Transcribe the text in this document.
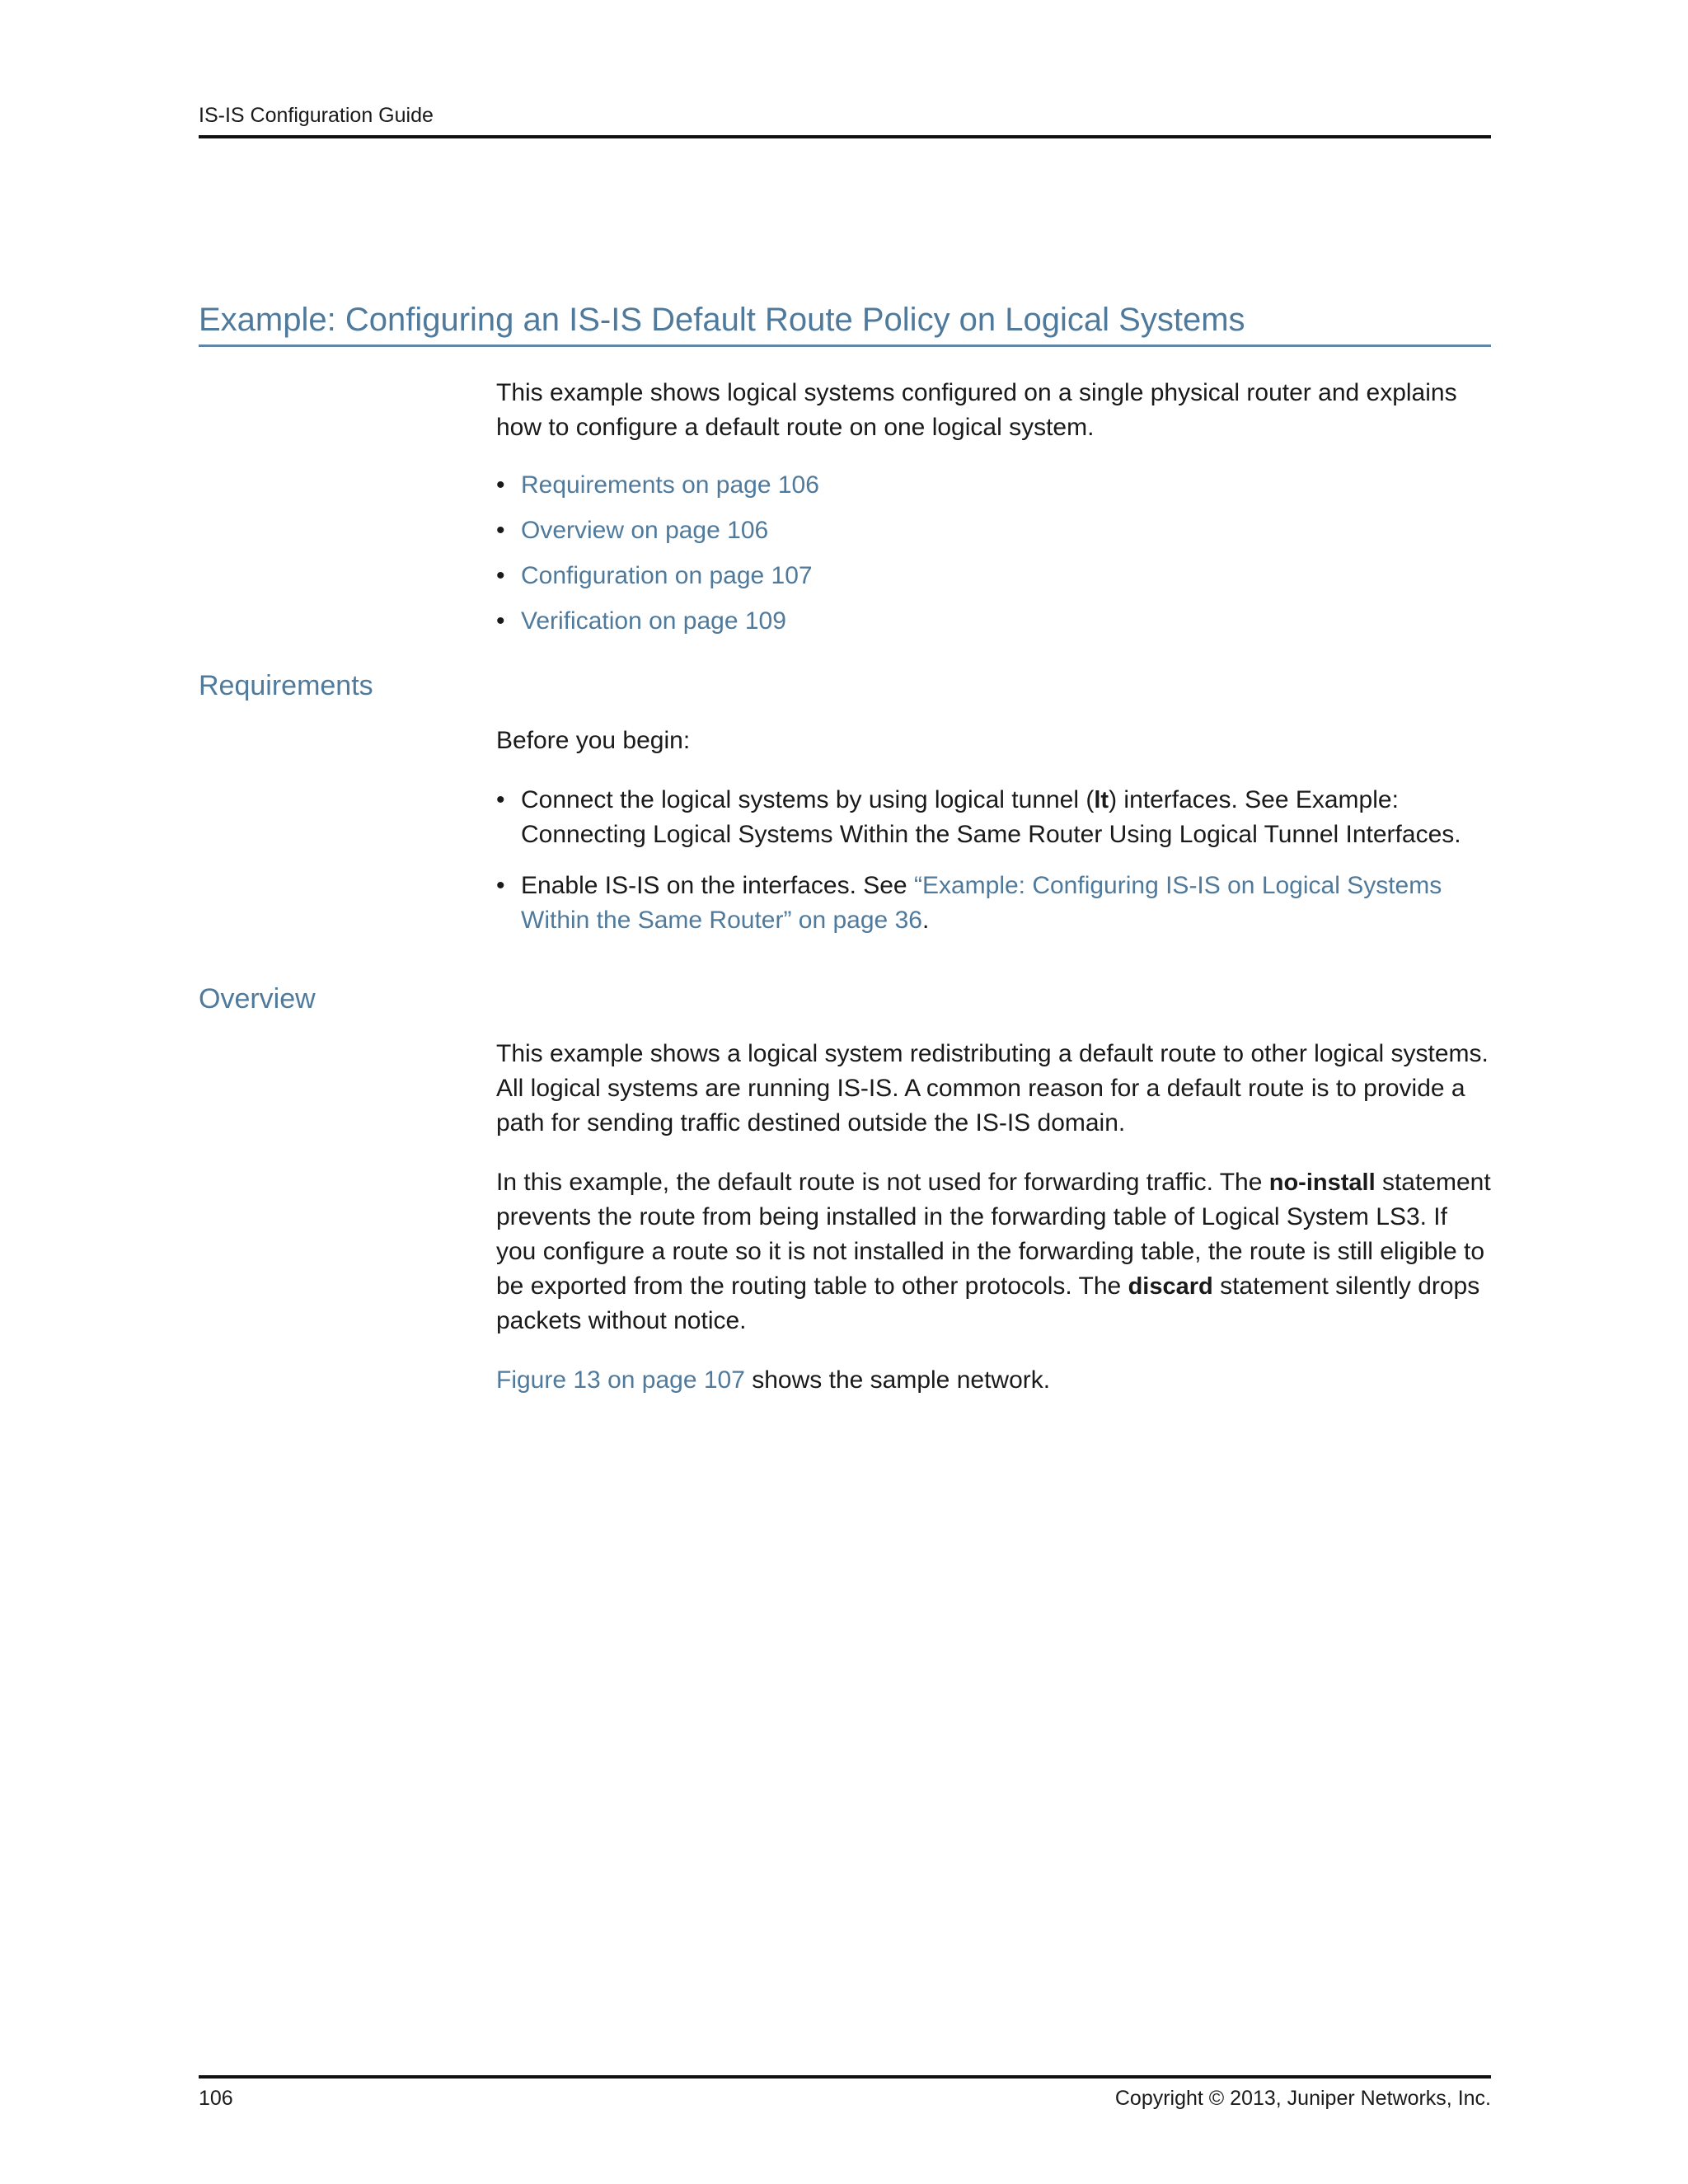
IS-IS Configuration Guide
Example: Configuring an IS-IS Default Route Policy on Logical Systems

This example shows logical systems configured on a single physical router and explains how to configure a default route on one logical system.

• Requirements on page 106
• Overview on page 106
• Configuration on page 107
• Verification on page 109
Requirements

Before you begin:

• Connect the logical systems by using logical tunnel (lt) interfaces. See Example: Connecting Logical Systems Within the Same Router Using Logical Tunnel Interfaces.
• Enable IS-IS on the interfaces. See “Example: Configuring IS-IS on Logical Systems Within the Same Router” on page 36.
Overview

This example shows a logical system redistributing a default route to other logical systems. All logical systems are running IS-IS. A common reason for a default route is to provide a path for sending traffic destined outside the IS-IS domain.

In this example, the default route is not used for forwarding traffic. The no-install statement prevents the route from being installed in the forwarding table of Logical System LS3. If you configure a route so it is not installed in the forwarding table, the route is still eligible to be exported from the routing table to other protocols. The discard statement silently drops packets without notice.

Figure 13 on page 107 shows the sample network.

106	Copyright © 2013, Juniper Networks, Inc.
